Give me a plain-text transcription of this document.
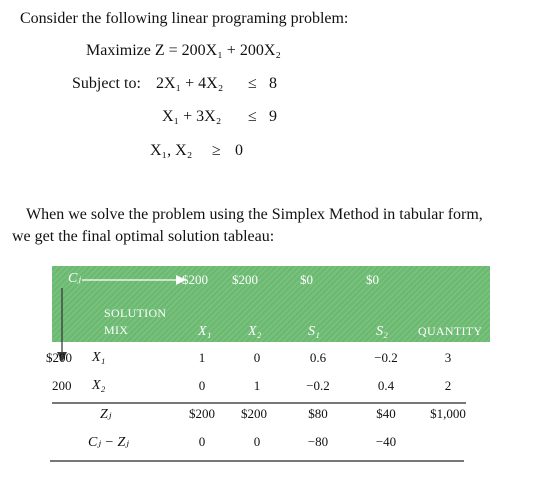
Consider the following linear programing problem:
Maximize Z = 200X₁ + 200X₂
Subject to: 2X₁ + 4X₂ ≤ 8
X₁ + 3X₂ ≤ 9
X₁, X₂ ≥ 0
When we solve the problem using the Simplex Method in tabular form,
we get the final optimal solution tableau:
Cⱼ	$200 $200	$0	$0
SOLUTION
MIX	X₁	X₂	S₁	S₂	QUANTITY
$200	X₁	1	0	0.6	−0.2	3
200	X₂	0	1	−0.2	0.4	2
Zⱼ	$200	$200	$80	$40	$1,000
Cⱼ − Zⱼ	0	0	−80	−40
